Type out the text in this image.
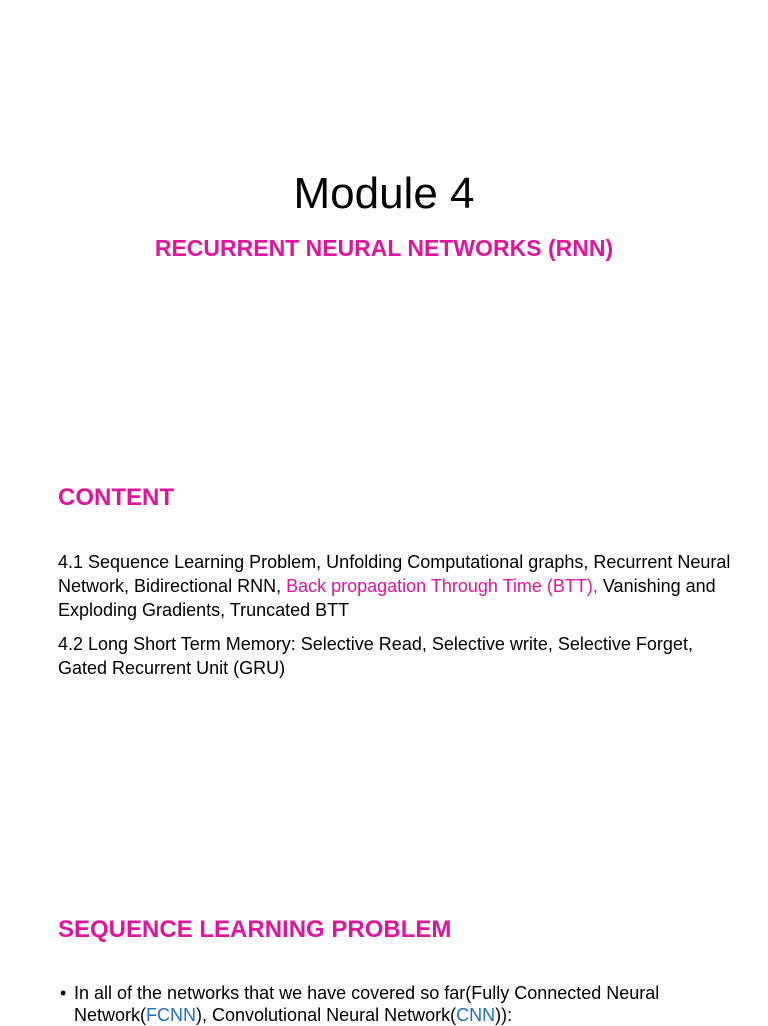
Module 4
RECURRENT NEURAL NETWORKS (RNN)
CONTENT
4.1 Sequence Learning Problem, Unfolding Computational graphs, Recurrent Neural Network, Bidirectional RNN, Back propagation Through Time (BTT), Vanishing and Exploding Gradients, Truncated BTT
4.2 Long Short Term Memory: Selective Read, Selective write, Selective Forget, Gated Recurrent Unit (GRU)
SEQUENCE LEARNING PROBLEM
• In all of the networks that we have covered so far(Fully Connected Neural Network(FCNN), Convolutional Neural Network(CNN)):
